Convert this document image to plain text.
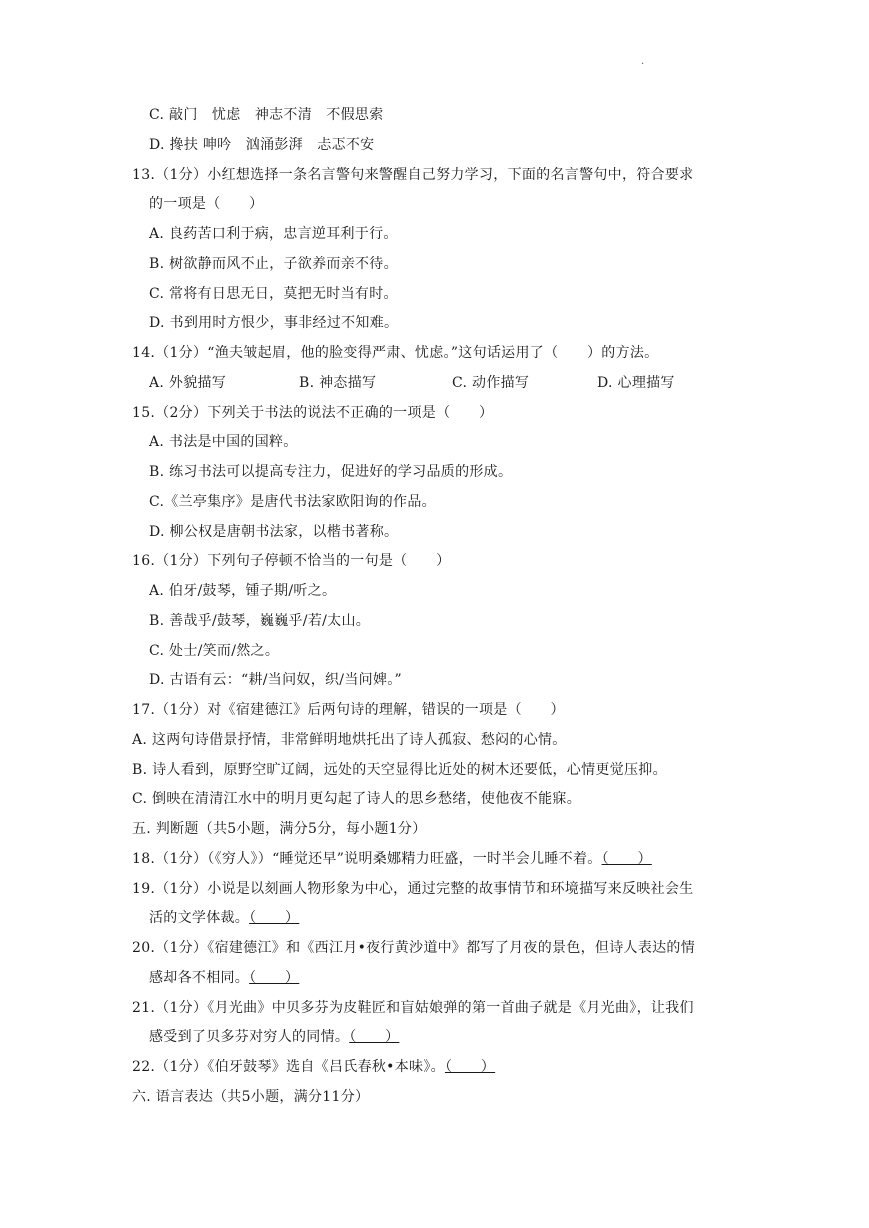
.
C. 敲门　忧虑　神志不清　不假思索
D. 搀扶 呻吟　汹涌彭湃　忐忑不安
13.（1分）小红想选择一条名言警句来警醒自己努力学习，下面的名言警句中，符合要求
的一项是（　　）
A. 良药苦口利于病，忠言逆耳利于行。
B. 树欲静而风不止，子欲养而亲不待。
C. 常将有日思无日，莫把无时当有时。
D. 书到用时方恨少，事非经过不知难。
14.（1分）“渔夫皱起眉，他的脸变得严肃、忧虑。”这句话运用了（　　）的方法。
A. 外貌描写	B. 神态描写	C. 动作描写	D. 心理描写
15.（2分）下列关于书法的说法不正确的一项是（　　）
A. 书法是中国的国粹。
B. 练习书法可以提高专注力，促进好的学习品质的形成。
C.《兰亭集序》是唐代书法家欧阳询的作品。
D. 柳公权是唐朝书法家，以楷书著称。
16.（1分）下列句子停顿不恰当的一句是（　　）
A. 伯牙/鼓琴，锺子期/听之。
B. 善哉乎/鼓琴，巍巍乎/若/太山。
C. 处士/笑而/然之。
D. 古语有云：“耕/当问奴，织/当问婢。”
17.（1分）对《宿建德江》后两句诗的理解，错误的一项是（　　）
A. 这两句诗借景抒情，非常鲜明地烘托出了诗人孤寂、愁闷的心情。
B. 诗人看到，原野空旷辽阔，远处的天空显得比近处的树木还要低，心情更觉压抑。
C. 倒映在清清江水中的明月更勾起了诗人的思乡愁绪，使他夜不能寐。
五. 判断题（共5小题，满分5分，每小题1分）
18.（1分）（《穷人》）“睡觉还早”说明桑娜精力旺盛，一时半会儿睡不着。（　　）
19.（1分）小说是以刻画人物形象为中心，通过完整的故事情节和环境描写来反映社会生
活的文学体裁。（　　）
20.（1分）《宿建德江》和《西江月•夜行黄沙道中》都写了月夜的景色，但诗人表达的情
感却各不相同。（　　）
21.（1分）《月光曲》中贝多芬为皮鞋匠和盲姑娘弹的第一首曲子就是《月光曲》，让我们
感受到了贝多芬对穷人的同情。（　　）
22.（1分）《伯牙鼓琴》选自《吕氏春秋•本味》。（　　）
六. 语言表达（共5小题，满分11分）
